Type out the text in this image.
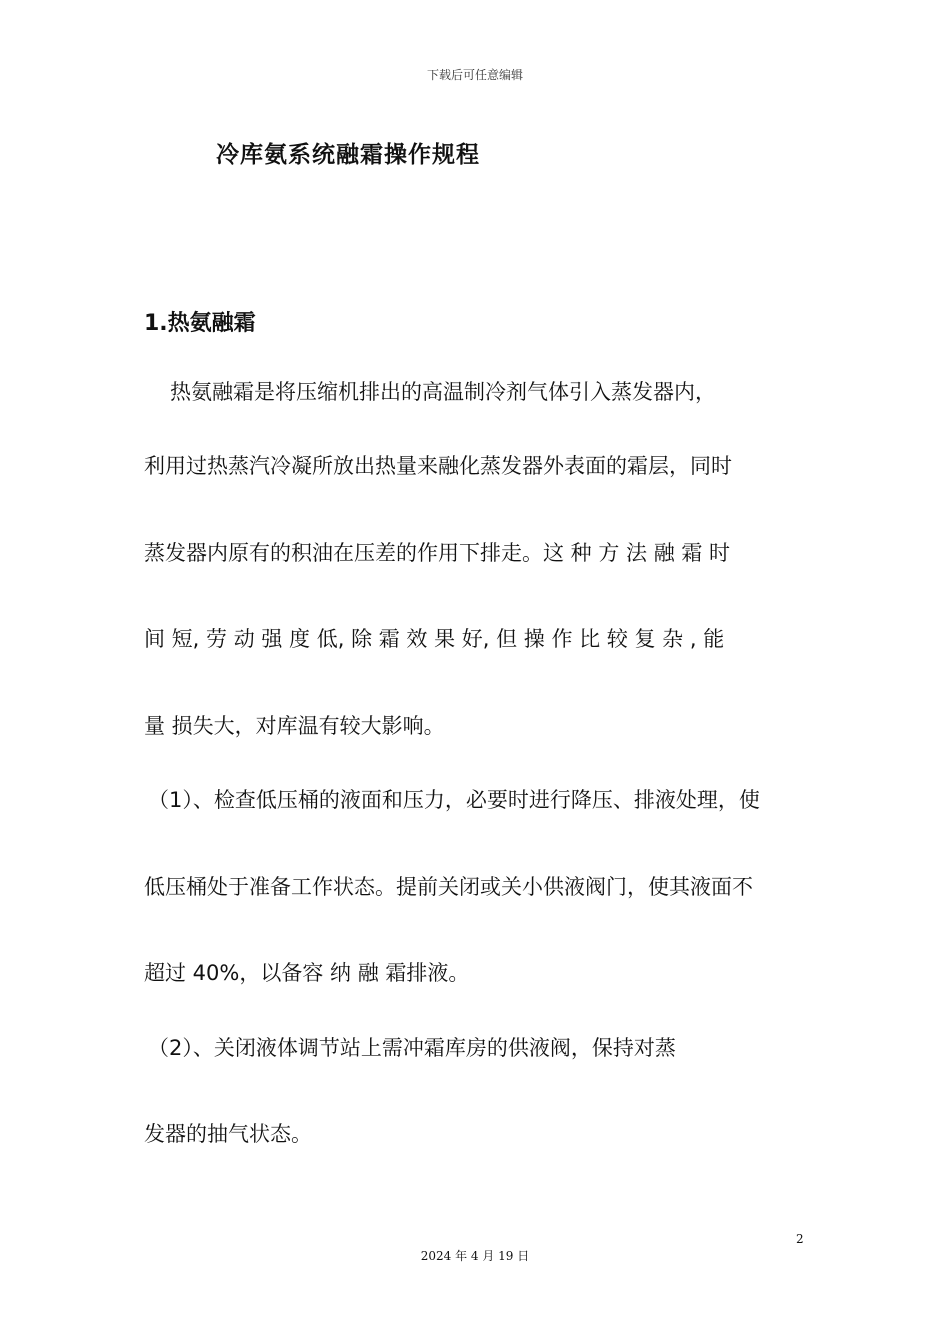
下载后可任意编辑
冷库氨系统融霜操作规程
1.热氨融霜

热氨融霜是将压缩机排出的高温制冷剂气体引入蒸发器内，

利用过热蒸汽冷凝所放出热量来融化蒸发器外表面的霜层，同时

蒸发器内原有的积油在压差的作用下排走。这 种 方 法 融 霜 时

间 短, 劳 动 强 度 低, 除 霜 效 果 好, 但 操 作 比 较 复 杂 , 能

量 损失大，对库温有较大影响。

（1）、检查低压桶的液面和压力，必要时进行降压、排液处理，使

低压桶处于准备工作状态。提前关闭或关小供液阀门，使其液面不

超过 40%，以备容 纳 融 霜排液。

（2）、关闭液体调节站上需冲霜库房的供液阀，保持对蒸

发器的抽气状态。

2
2024 年 4 月 19 日
